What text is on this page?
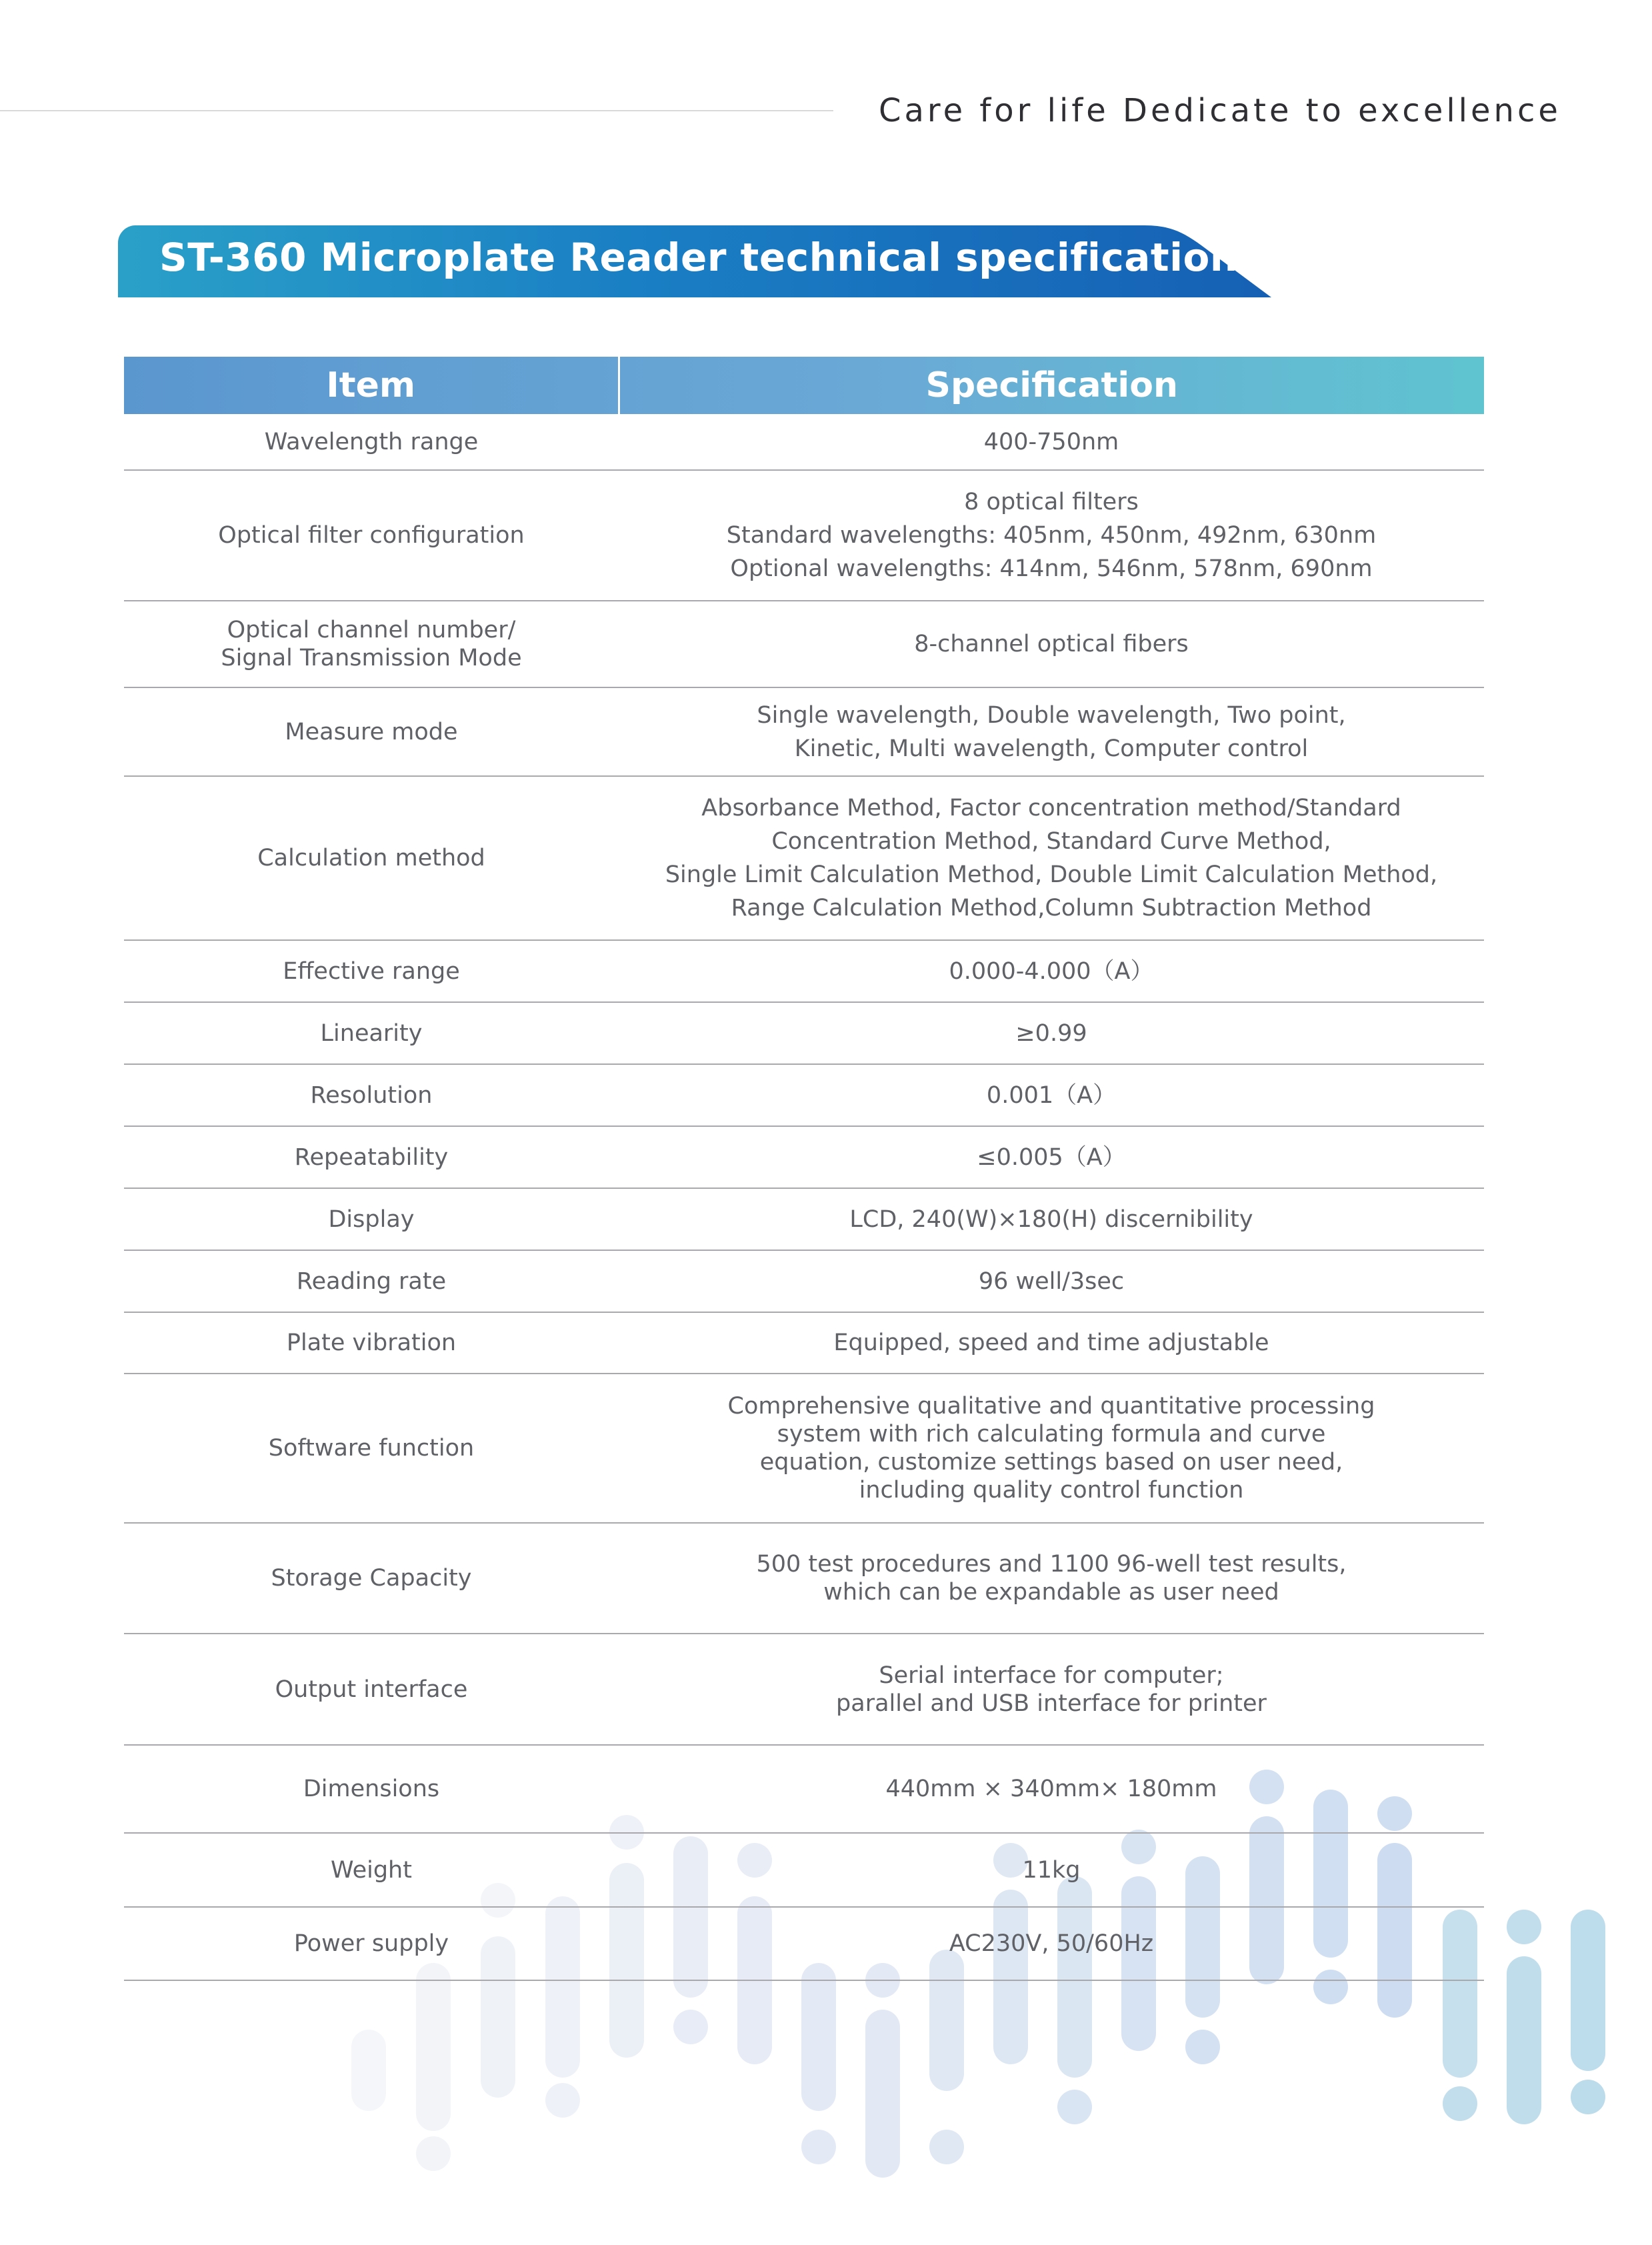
Care for life Dedicate to excellence
ST-360 Microplate Reader technical specification
Item	Specification

Wavelength range	400-750nm

Optical filter configuration	8 optical filters
Standard wavelengths: 405nm, 450nm, 492nm, 630nm
Optional wavelengths: 414nm, 546nm, 578nm, 690nm

Optical channel number/
Signal Transmission Mode	8-channel optical fibers

Measure mode	Single wavelength, Double wavelength, Two point,
Kinetic, Multi wavelength, Computer control

Calculation method	Absorbance Method, Factor concentration method/Standard
Concentration Method, Standard Curve Method,
Single Limit Calculation Method, Double Limit Calculation Method,
Range Calculation Method,Column Subtraction Method

Effective range	0.000-4.000（A）

Linearity	≥0.99

Resolution	0.001（A）

Repeatability	≤0.005（A）

Display	LCD, 240(W)×180(H) discernibility

Reading rate	96 well/3sec

Plate vibration	Equipped, speed and time adjustable

Software function	Comprehensive qualitative and quantitative processing
system with rich calculating formula and curve
equation, customize settings based on user need,
including quality control function

Storage Capacity	500 test procedures and 1100 96-well test results,
which can be expandable as user need

Output interface	Serial interface for computer;
parallel and USB interface for printer

Dimensions	440mm × 340mm× 180mm

Weight	11kg

Power supply	AC230V, 50/60Hz
